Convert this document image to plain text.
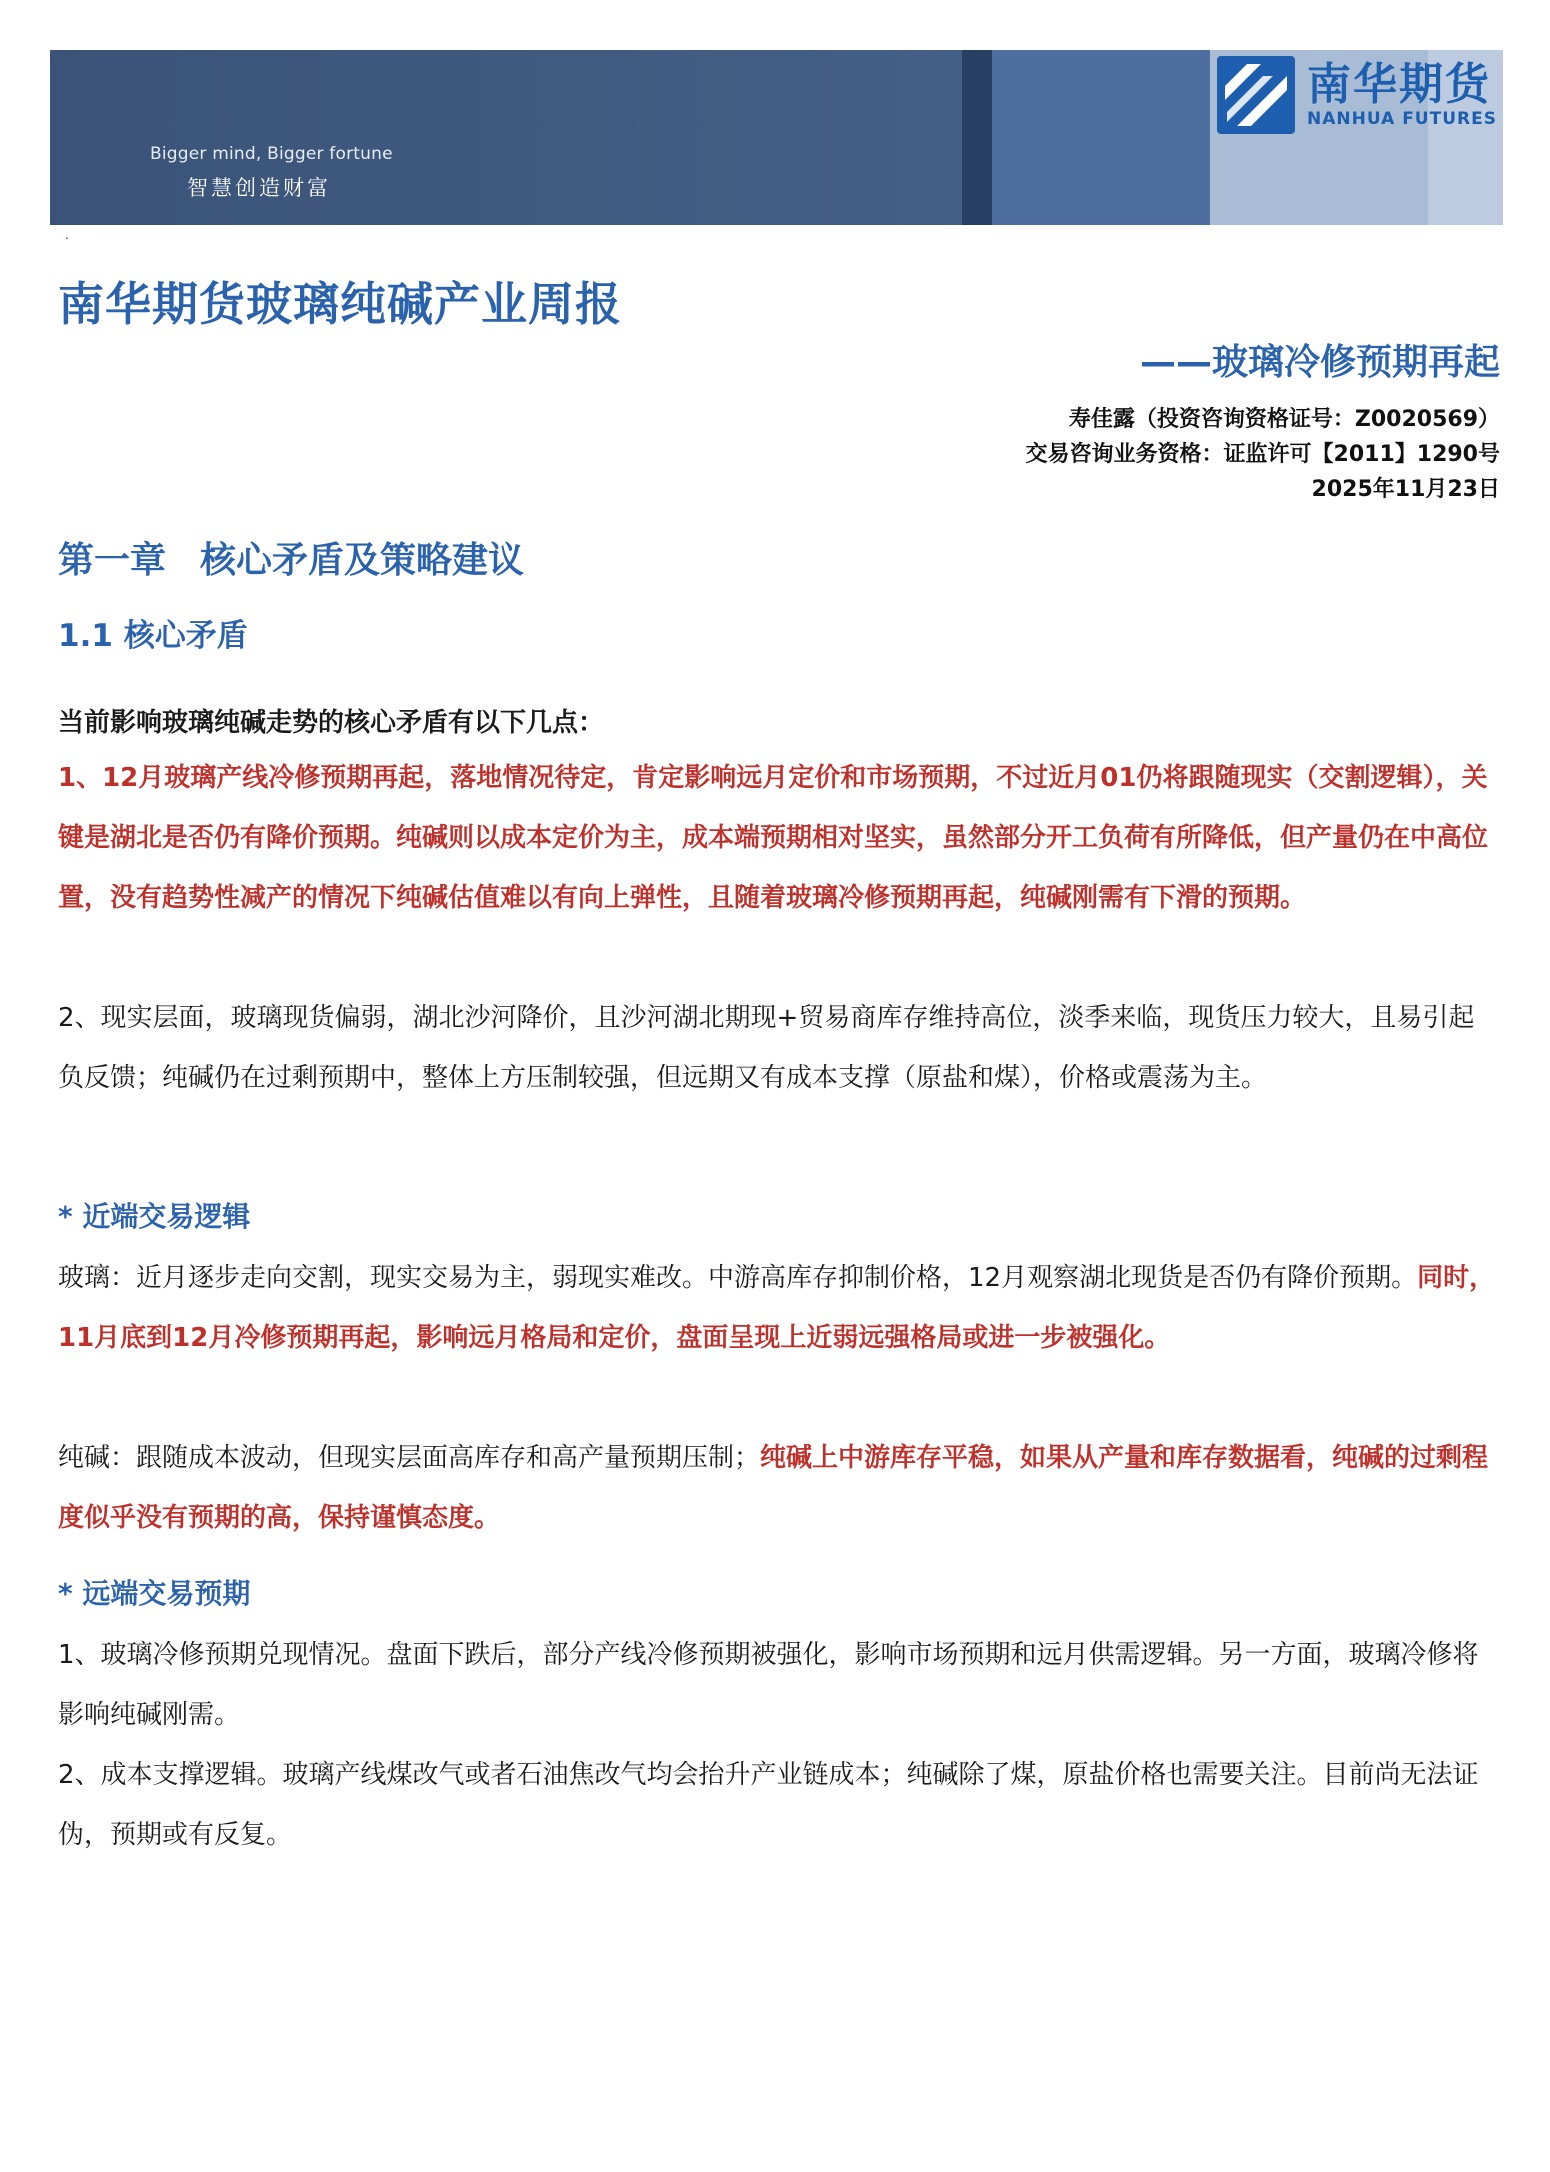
Bigger mind, Bigger fortune
智慧创造财富
南华期货
NANHUA FUTURES
.
南华期货玻璃纯碱产业周报
——玻璃冷修预期再起
寿佳露（投资咨询资格证号：Z0020569）
交易咨询业务资格：证监许可【2011】1290号
2025年11月23日
第一章 核心矛盾及策略建议
1.1 核心矛盾

当前影响玻璃纯碱走势的核心矛盾有以下几点：

1、12月玻璃产线冷修预期再起，落地情况待定，肯定影响远月定价和市场预期，不过近月01仍将跟随现实（交割逻辑），关键是湖北是否仍有降价预期。纯碱则以成本定价为主，成本端预期相对坚实，虽然部分开工负荷有所降低，但产量仍在中高位置，没有趋势性减产的情况下纯碱估值难以有向上弹性，且随着玻璃冷修预期再起，纯碱刚需有下滑的预期。

2、现实层面，玻璃现货偏弱，湖北沙河降价，且沙河湖北期现+贸易商库存维持高位，淡季来临，现货压力较大，且易引起负反馈；纯碱仍在过剩预期中，整体上方压制较强，但远期又有成本支撑（原盐和煤），价格或震荡为主。

* 近端交易逻辑

玻璃：近月逐步走向交割，现实交易为主，弱现实难改。中游高库存抑制价格，12月观察湖北现货是否仍有降价预期。同时，11月底到12月冷修预期再起，影响远月格局和定价，盘面呈现上近弱远强格局或进一步被强化。

纯碱：跟随成本波动，但现实层面高库存和高产量预期压制；纯碱上中游库存平稳，如果从产量和库存数据看，纯碱的过剩程度似乎没有预期的高，保持谨慎态度。

* 远端交易预期

1、玻璃冷修预期兑现情况。盘面下跌后，部分产线冷修预期被强化，影响市场预期和远月供需逻辑。另一方面，玻璃冷修将影响纯碱刚需。

2、成本支撑逻辑。玻璃产线煤改气或者石油焦改气均会抬升产业链成本；纯碱除了煤，原盐价格也需要关注。目前尚无法证伪，预期或有反复。
